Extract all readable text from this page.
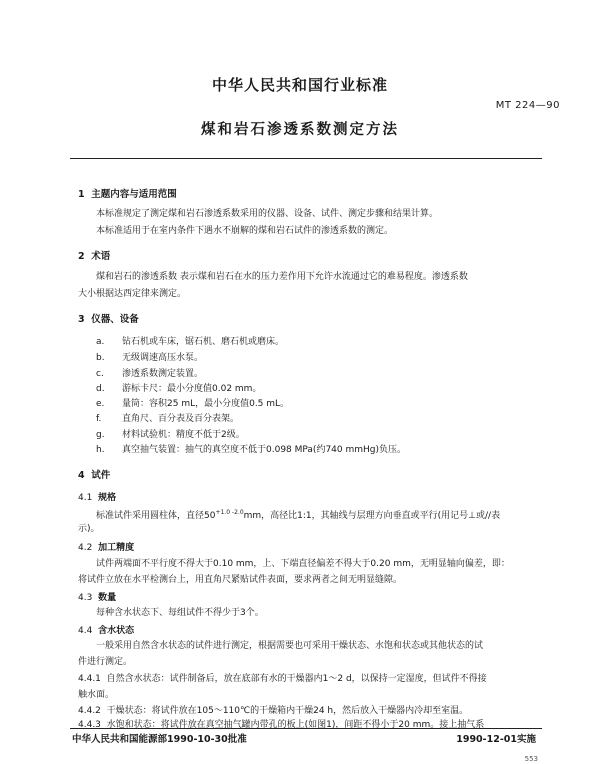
中华人民共和国行业标准
MT 224—90
煤和岩石渗透系数测定方法
1 主题内容与适用范围
本标准规定了测定煤和岩石渗透系数采用的仪器、设备、试件、测定步骤和结果计算。
本标准适用于在室内条件下遇水不崩解的煤和岩石试件的渗透系数的测定。
2 术语
煤和岩石的渗透系数 表示煤和岩石在水的压力差作用下允许水流通过它的难易程度。渗透系数
大小根据达西定律来测定。
3 仪器、设备
a. 钻石机或车床，锯石机、磨石机或磨床。
b. 无级调速高压水泵。
c. 渗透系数测定装置。
d. 游标卡尺：最小分度值0.02 mm。
e. 量筒：容积25 mL，最小分度值0.5 mL。
f. 直角尺、百分表及百分表架。
g. 材料试验机：精度不低于2级。
h. 真空抽气装置：抽气的真空度不低于0.098 MPa(约740 mmHg)负压。
4 试件
4.1 规格
标准试件采用圆柱体，直径$50^{+1.0 -2.0}mm$，高径比1:1，其轴线与层理方向垂直或平行(用记号⊥或//表
示)。
4.2 加工精度
试件两端面不平行度不得大于0.10 mm，上、下端直径偏差不得大于0.20 mm，无明显轴向偏差，即：
将试件立放在水平检测台上，用直角尺紧贴试件表面，要求两者之间无明显缝隙。
4.3 数量
每种含水状态下、每组试件不得少于3个。
4.4 含水状态
一般采用自然含水状态的试件进行测定，根据需要也可采用干燥状态、水饱和状态或其他状态的试
件进行测定。
4.4.1 自然含水状态：试件制备后，放在底部有水的干燥器内1～2 d，以保持一定湿度，但试件不得接
触水面。
4.4.2 干燥状态：将试件放在105～110℃的干燥箱内干燥24 h，然后放入干燥器内冷却至室温。
4.4.3 水饱和状态：将试件放在真空抽气罐内带孔的板上(如图1)，间距不得小于20 mm。接上抽气系
中华人民共和国能源部1990-10-30批准	1990-12-01实施
553
